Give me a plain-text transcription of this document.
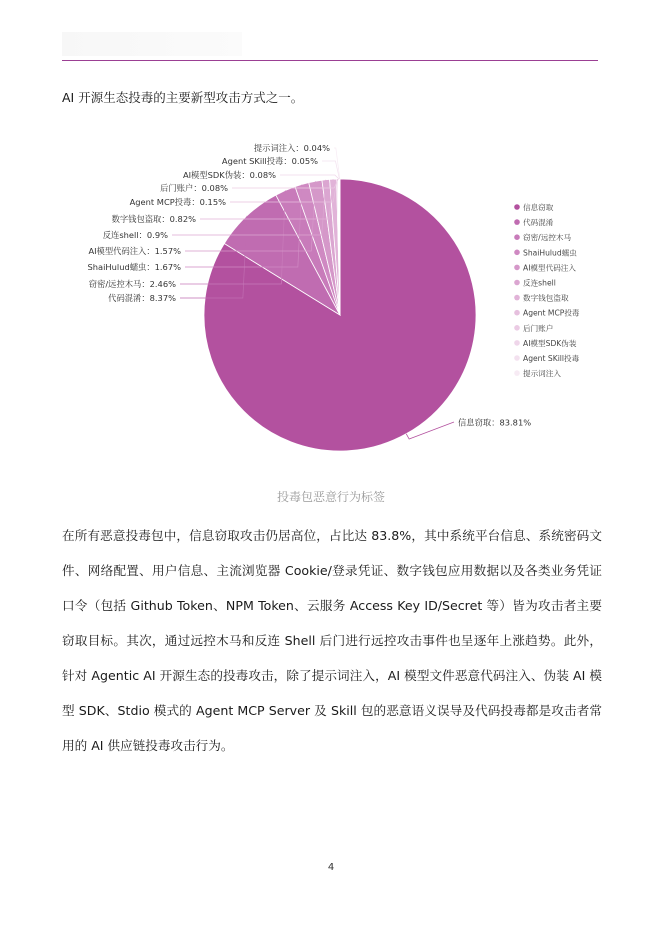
AI 开源生态投毒的主要新型攻击方式之一。
信息窃取：83.81%
代码混淆：8.37%
窃密/远控木马：2.46%
ShaiHulud蠕虫：1.67%
AI模型代码注入：1.57%
反连shell：0.9%
数字钱包盗取：0.82%
Agent MCP投毒：0.15%
后门账户：0.08%
AI模型SDK伪装：0.08%
Agent SKill投毒：0.05%
提示词注入：0.04%
信息窃取
代码混淆
窃密/远控木马
ShaiHulud蠕虫
AI模型代码注入
反连shell
数字钱包盗取
Agent MCP投毒
后门账户
AI模型SDK伪装
Agent SKill投毒
提示词注入
投毒包恶意行为标签
在所有恶意投毒包中，信息窃取攻击仍居高位，占比达 83.8%，其中系统平台信息、系统密码文件、网络配置、用户信息、主流浏览器 Cookie/登录凭证、数字钱包应用数据以及各类业务凭证口令（包括 Github Token、NPM Token、云服务 Access Key ID/Secret 等）皆为攻击者主要窃取目标。其次，通过远控木马和反连 Shell 后门进行远控攻击事件也呈逐年上涨趋势。此外，针对 Agentic AI 开源生态的投毒攻击，除了提示词注入，AI 模型文件恶意代码注入、伪装 AI 模型 SDK、Stdio 模式的 Agent MCP Server 及 Skill 包的恶意语义误导及代码投毒都是攻击者常用的 AI 供应链投毒攻击行为。
4
